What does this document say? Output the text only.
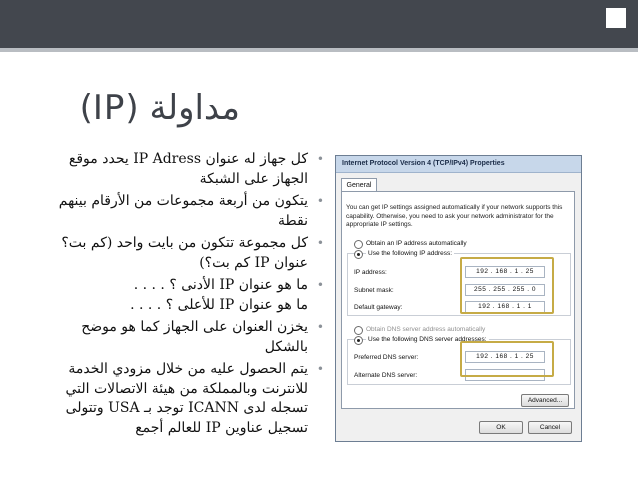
مداولة (IP)
•
كل جهاز له عنوان IP Adress يحدد موقع
الجهاز على الشبكة
•
يتكون من أربعة مجموعات من الأرقام بينهم
نقطة
•
كل مجموعة تتكون من بايت واحد (كم بت؟
عنوان IP كم بت؟)
•
ما هو عنوان IP الأدنى ؟ . . . .
ما هو عنوان IP للأعلى ؟ . . . .
•
يخزن العنوان على الجهاز كما هو موضح
بالشكل
•
يتم الحصول عليه من خلال مزودي الخدمة
للانترنت وبالمملكة من هيئة الاتصالات التي
تسجله لدى ICANN توجد بـ USA وتتولى
تسجيل عناوين IP للعالم أجمع
Internet Protocol Version 4 (TCP/IPv4) Properties
General
You can get IP settings assigned automatically if your network supports this capability. Otherwise, you need to ask your network administrator for the appropriate IP settings.
Obtain an IP address automatically
Use the following IP address:
IP address:	192 . 168 . 1 . 25
Subnet mask:	255 . 255 . 255 . 0
Default gateway:	192 . 168 . 1 . 1
Obtain DNS server address automatically
Use the following DNS server addresses:
Preferred DNS server:	192 . 168 . 1 . 25
Alternate DNS server:	. . .
Advanced...
OK	Cancel
